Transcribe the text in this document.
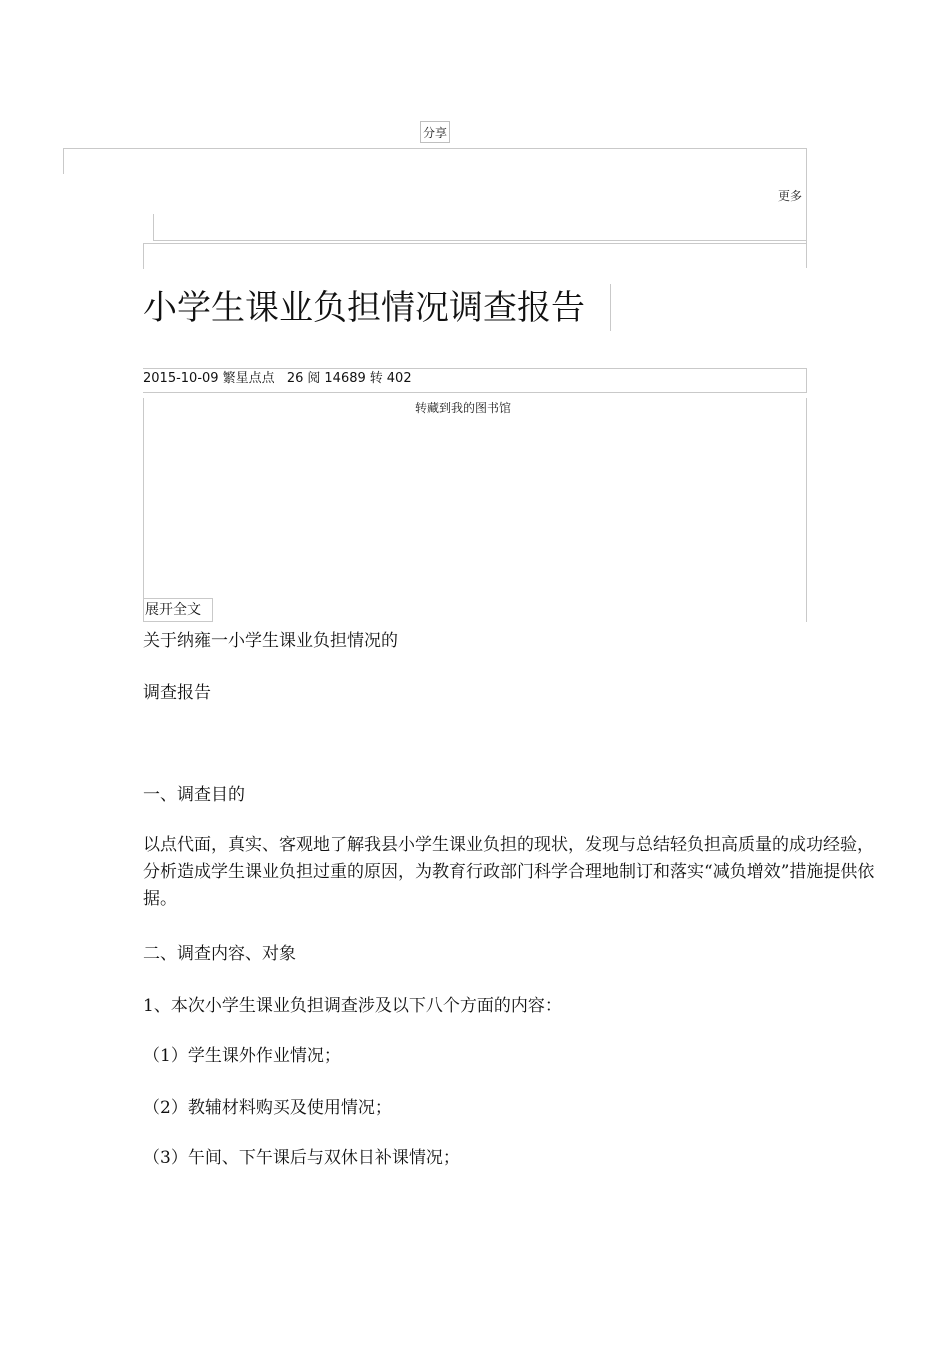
分享
更多
小学生课业负担情况调查报告
2015-10-09 繁星点点 26 阅 14689 转 402
转藏到我的图书馆
展开全文

关于纳雍一小学生课业负担情况的

调查报告

一、调查目的

以点代面，真实、客观地了解我县小学生课业负担的现状，发现与总结轻负担高质量的成功经验，分析造成学生课业负担过重的原因，为教育行政部门科学合理地制订和落实“减负增效”措施提供依据。

二、调查内容、对象

1、本次小学生课业负担调查涉及以下八个方面的内容：

（1）学生课外作业情况；

（2）教辅材料购买及使用情况；

（3）午间、下午课后与双休日补课情况；
